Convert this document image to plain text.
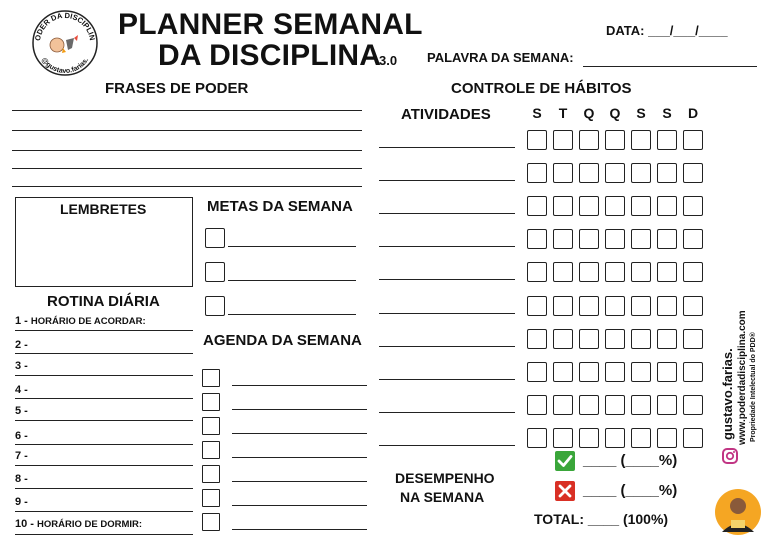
ODER DA DISCIPLIN
@gustavo.farias.
PLANNER SEMANAL
DA DISCIPLINA
3.0
DATA: ___/___/____
PALAVRA DA SEMANA:
FRASES DE PODER
LEMBRETES	METAS DA SEMANA
ROTINA DIÁRIA
1 - HORÁRIO DE ACORDAR:
2 -
3 -
4 -
5 -
6 -
7 -
8 -
9 -
10 - HORÁRIO DE DORMIR:
AGENDA DA SEMANA
CONTROLE DE HÁBITOS
ATIVIDADES	S	T	Q	Q	S	S	D
DESEMPENHO
NA SEMANA
____ (____%)
____ (____%)
TOTAL: ____ (100%)
gustavo.farias. www.poderdadisciplina.com Propriedade Intelectual do PDD®
